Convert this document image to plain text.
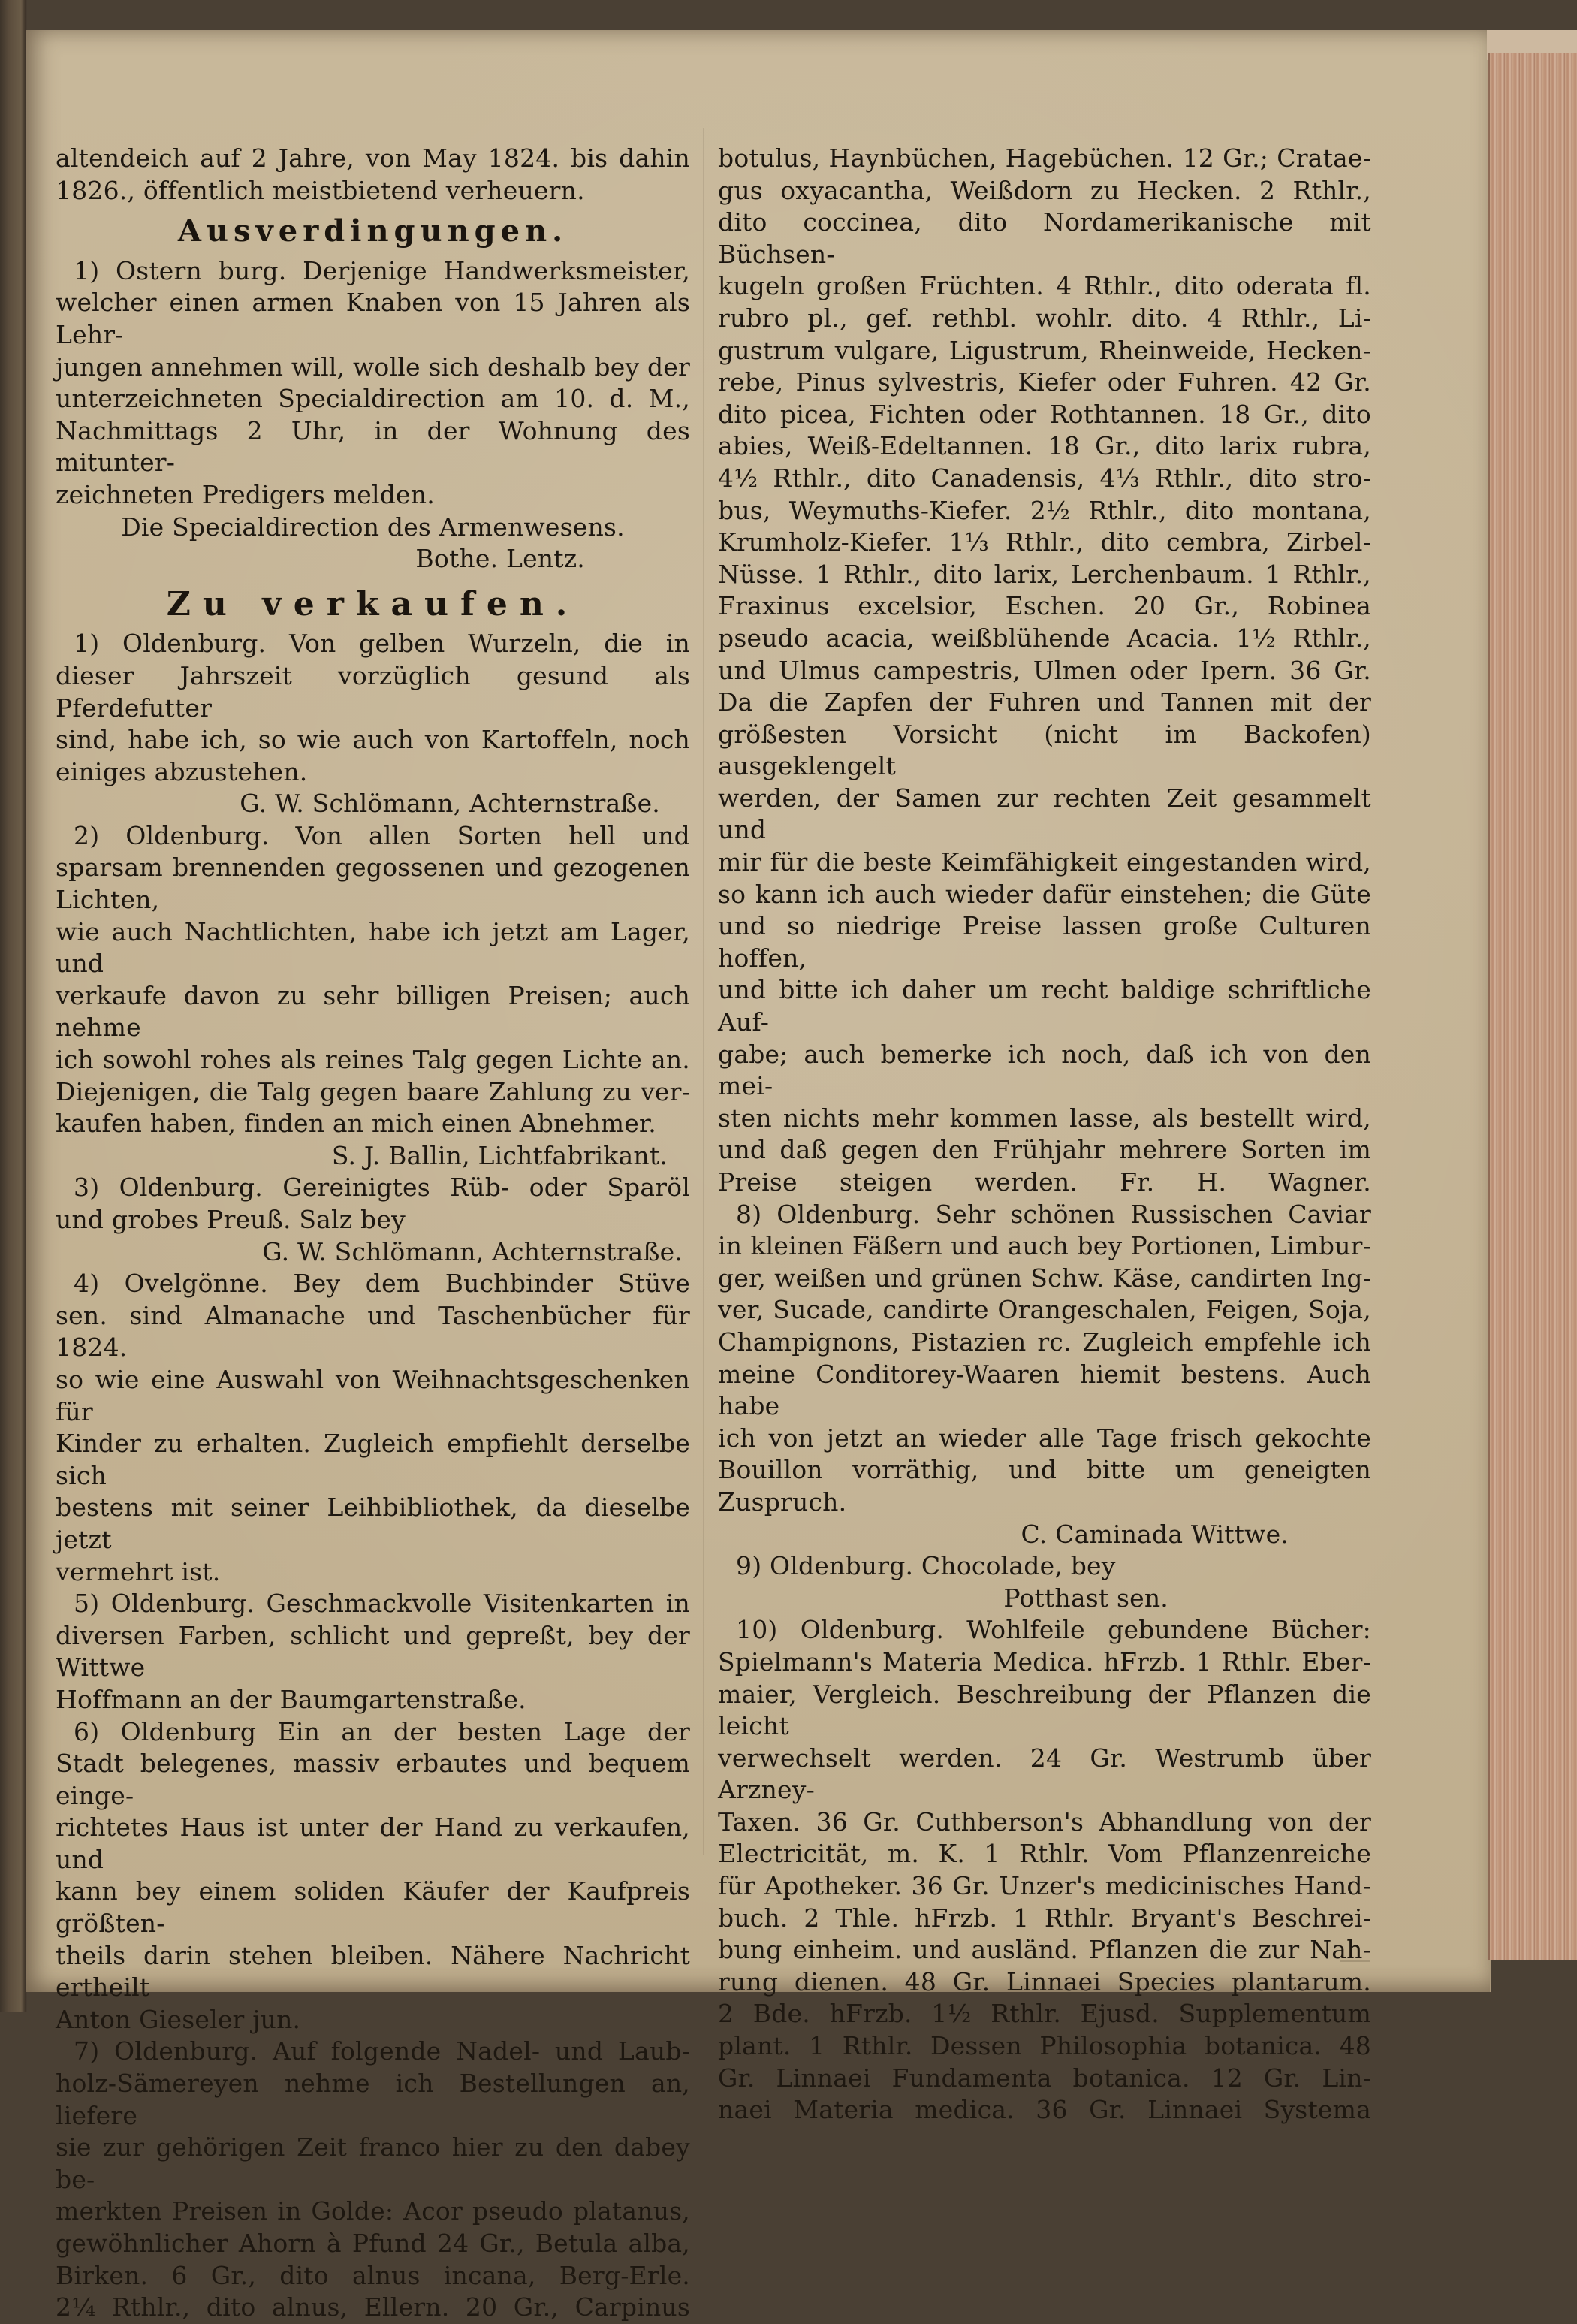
altendeich auf 2 Jahre, von May 1824. bis dahin

1826., öffentlich meistbietend verheuern.

Ausverdingungen.

1) Ostern burg. Derjenige Handwerksmeister,

welcher einen armen Knaben von 15 Jahren als Lehr-

jungen annehmen will, wolle sich deshalb bey der

unterzeichneten Specialdirection am 10. d. M.,

Nachmittags 2 Uhr, in der Wohnung des mitunter-

zeichneten Predigers melden.

Die Specialdirection des Armenwesens.

Bothe. Lentz.

Zu verkaufen.

1) Oldenburg. Von gelben Wurzeln, die in

dieser Jahrszeit vorzüglich gesund als Pferdefutter

sind, habe ich, so wie auch von Kartoffeln, noch

einiges abzustehen.

G. W. Schlömann, Achternstraße.

2) Oldenburg. Von allen Sorten hell und

sparsam brennenden gegossenen und gezogenen Lichten,

wie auch Nachtlichten, habe ich jetzt am Lager, und

verkaufe davon zu sehr billigen Preisen; auch nehme

ich sowohl rohes als reines Talg gegen Lichte an.

Diejenigen, die Talg gegen baare Zahlung zu ver-

kaufen haben, finden an mich einen Abnehmer.

S. J. Ballin, Lichtfabrikant.

3) Oldenburg. Gereinigtes Rüb- oder Sparöl

und grobes Preuß. Salz bey

G. W. Schlömann, Achternstraße.

4) Ovelgönne. Bey dem Buchbinder Stüve

sen. sind Almanache und Taschenbücher für 1824.

so wie eine Auswahl von Weihnachtsgeschenken für

Kinder zu erhalten. Zugleich empfiehlt derselbe sich

bestens mit seiner Leihbibliothek, da dieselbe jetzt

vermehrt ist.

5) Oldenburg. Geschmackvolle Visitenkarten in

diversen Farben, schlicht und gepreßt, bey der Wittwe

Hoffmann an der Baumgartenstraße.

6) Oldenburg Ein an der besten Lage der

Stadt belegenes, massiv erbautes und bequem einge-

richtetes Haus ist unter der Hand zu verkaufen, und

kann bey einem soliden Käufer der Kaufpreis größten-

theils darin stehen bleiben. Nähere Nachricht ertheilt

Anton Gieseler jun.

7) Oldenburg. Auf folgende Nadel- und Laub-

holz-Sämereyen nehme ich Bestellungen an, liefere

sie zur gehörigen Zeit franco hier zu den dabey be-

merkten Preisen in Golde: Acor pseudo platanus,

gewöhnlicher Ahorn à Pfund 24 Gr., Betula alba,

Birken. 6 Gr., dito alnus incana, Berg-Erle.

2¼ Rthlr., dito alnus, Ellern. 20 Gr., Carpinus

botulus, Haynbüchen, Hagebüchen. 12 Gr.; Cratae-

gus oxyacantha, Weißdorn zu Hecken. 2 Rthlr.,

dito coccinea, dito Nordamerikanische mit Büchsen-

kugeln großen Früchten. 4 Rthlr., dito oderata fl.

rubro pl., gef. rethbl. wohlr. dito. 4 Rthlr., Li-

gustrum vulgare, Ligustrum, Rheinweide, Hecken-

rebe, Pinus sylvestris, Kiefer oder Fuhren. 42 Gr.

dito picea, Fichten oder Rothtannen. 18 Gr., dito

abies, Weiß-Edeltannen. 18 Gr., dito larix rubra,

4½ Rthlr., dito Canadensis, 4⅓ Rthlr., dito stro-

bus, Weymuths-Kiefer. 2½ Rthlr., dito montana,

Krumholz-Kiefer. 1⅓ Rthlr., dito cembra, Zirbel-

Nüsse. 1 Rthlr., dito larix, Lerchenbaum. 1 Rthlr.,

Fraxinus excelsior, Eschen. 20 Gr., Robinea

pseudo acacia, weißblühende Acacia. 1½ Rthlr.,

und Ulmus campestris, Ulmen oder Ipern. 36 Gr.

Da die Zapfen der Fuhren und Tannen mit der

größesten Vorsicht (nicht im Backofen) ausgeklengelt

werden, der Samen zur rechten Zeit gesammelt und

mir für die beste Keimfähigkeit eingestanden wird,

so kann ich auch wieder dafür einstehen; die Güte

und so niedrige Preise lassen große Culturen hoffen,

und bitte ich daher um recht baldige schriftliche Auf-

gabe; auch bemerke ich noch, daß ich von den mei-

sten nichts mehr kommen lasse, als bestellt wird,

und daß gegen den Frühjahr mehrere Sorten im

Preise steigen werden. Fr. H. Wagner.

8) Oldenburg. Sehr schönen Russischen Caviar

in kleinen Fäßern und auch bey Portionen, Limbur-

ger, weißen und grünen Schw. Käse, candirten Ing-

ver, Sucade, candirte Orangeschalen, Feigen, Soja,

Champignons, Pistazien rc. Zugleich empfehle ich

meine Conditorey-Waaren hiemit bestens. Auch habe

ich von jetzt an wieder alle Tage frisch gekochte

Bouillon vorräthig, und bitte um geneigten Zuspruch.

C. Caminada Wittwe.

9) Oldenburg. Chocolade, bey

Potthast sen.

10) Oldenburg. Wohlfeile gebundene Bücher:

Spielmann's Materia Medica. hFrzb. 1 Rthlr. Eber-

maier, Vergleich. Beschreibung der Pflanzen die leicht

verwechselt werden. 24 Gr. Westrumb über Arzney-

Taxen. 36 Gr. Cuthberson's Abhandlung von der

Electricität, m. K. 1 Rthlr. Vom Pflanzenreiche

für Apotheker. 36 Gr. Unzer's medicinisches Hand-

buch. 2 Thle. hFrzb. 1 Rthlr. Bryant's Beschrei-

bung einheim. und ausländ. Pflanzen die zur Nah-

rung dienen. 48 Gr. Linnaei Species plantarum.

2 Bde. hFrzb. 1½ Rthlr. Ejusd. Supplementum

plant. 1 Rthlr. Dessen Philosophia botanica. 48

Gr. Linnaei Fundamenta botanica. 12 Gr. Lin-

naei Materia medica. 36 Gr. Linnaei Systema
